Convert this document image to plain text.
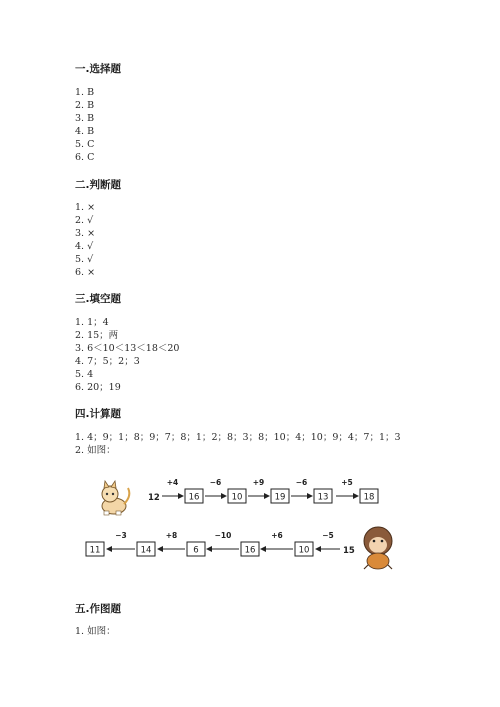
一.选择题
1. B
2. B
3. B
4. B
5. C
6. C
二.判断题
1. ×
2. √
3. ×
4. √
5. √
6. ×
三.填空题
1. 1；4
2. 15；两
3. 6＜10＜13＜18＜20
4. 7；5；2；3
5. 4
6. 20；19
四.计算题
1. 4；9；1；8；9；7；8；1；2；8；3；8；10；4；10；9；4；7；1；3
2. 如图：
12	16	10	19	13	18
+4	−6	+9	−6	+5
10
16
6
14
11
−5
+6
−10
+8
−3
15
五.作图题
1. 如图：
